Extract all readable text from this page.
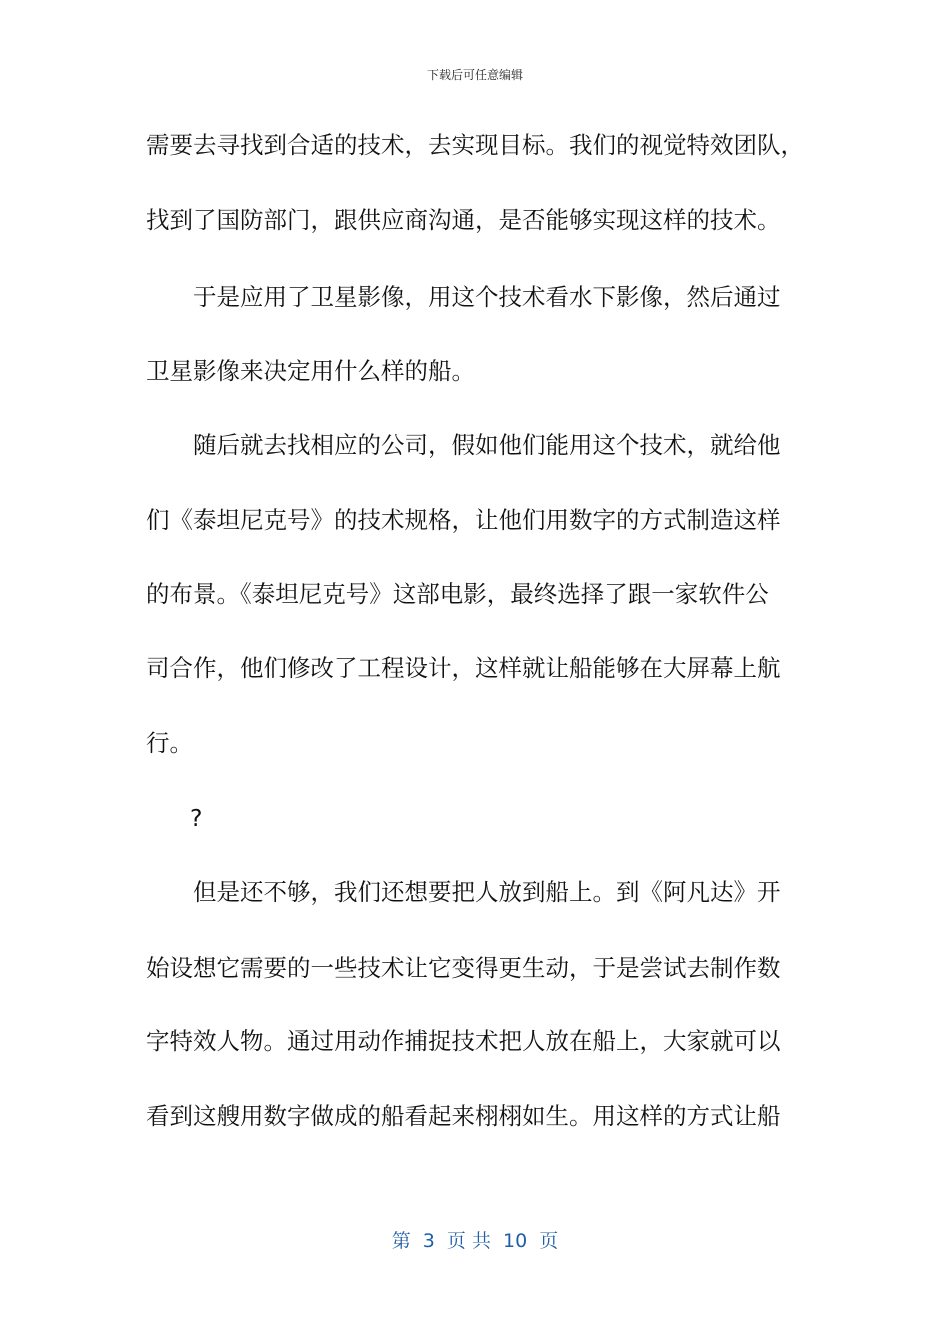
下载后可任意编辑
需要去寻找到合适的技术，去实现目标。我们的视觉特效团队，
找到了国防部门，跟供应商沟通，是否能够实现这样的技术。
于是应用了卫星影像，用这个技术看水下影像，然后通过
卫星影像来决定用什么样的船。
随后就去找相应的公司，假如他们能用这个技术，就给他
们《泰坦尼克号》的技术规格，让他们用数字的方式制造这样
的布景。《泰坦尼克号》这部电影，最终选择了跟一家软件公
司合作，他们修改了工程设计，这样就让船能够在大屏幕上航
行。
?
但是还不够，我们还想要把人放到船上。到《阿凡达》开
始设想它需要的一些技术让它变得更生动，于是尝试去制作数
字特效人物。通过用动作捕捉技术把人放在船上，大家就可以
看到这艘用数字做成的船看起来栩栩如生。用这样的方式让船
第  3  页 共  10  页
